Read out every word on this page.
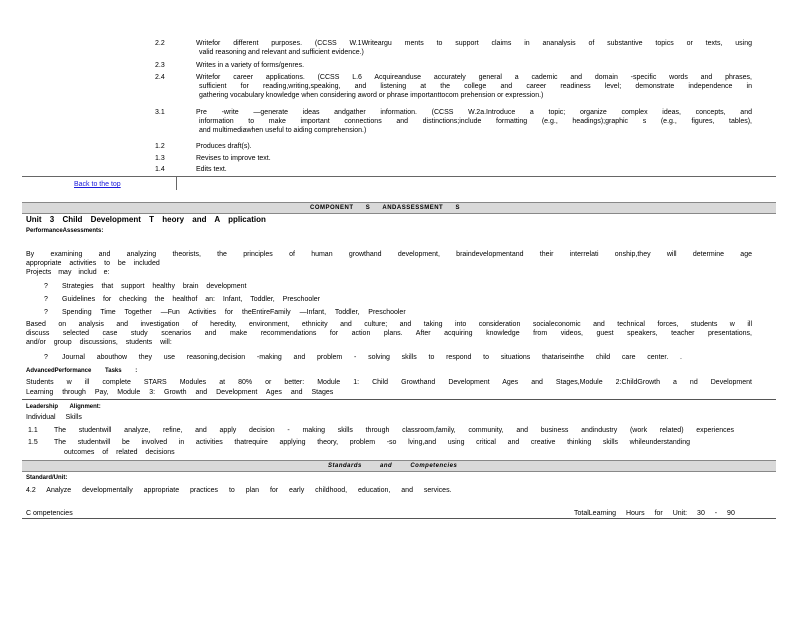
2.2	Writefor different purposes. (CCSS W.1Writeargu ments to support claims in ananalysis of substantive topics or texts, using
valid reasoning and relevant and sufficient evidence.)
2.3	Writes in a variety of forms/genres.
2.4	Writefor career applications. (CCSS L.6 Acquireanduse accurately general a cademic and domain -specific words and phrases,
sufficient for reading,writing,speaking, and listening at the college and career readiness level; demonstrate independence in
gathering vocabulary knowledge when considering aword or phrase importanttocom prehension or expression.)
3.1	Pre -write —generate ideas andgather information. (CCSS W.2a.Introduce a topic; organize complex ideas, concepts, and
information to make important connections and distinctions;include formatting (e.g., headings);graphic s (e.g., figures, tables),
and multimediawhen useful to aiding comprehension.)
1.2	Produces draft(s).
1.3	Revises to improve text.
1.4	Edits text.
Back to the top
COMPONENT S ANDASSESSMENT S
Unit 3 Child Development T heory and A pplication
PerformanceAssessments:
By examining and analyzing theorists, the principles of human growthand development, braindevelopmentand their interrelati onship,they will determine age
appropriate activities to be included
Projects may includ e:
? Strategies that support healthy brain development
? Guidelines for checking the healthof an: Infant, Toddler, Preschooler
? Spending Time Together —Fun Activities for theEntireFamily —Infant, Toddler, Preschooler
Based on analysis and investigation of heredity, environment, ethnicity and culture; and taking into consideration socialeconomic and technical forces, students w ill
discuss selected case study scenarios and make recommendations for action plans. After acquiring knowledge from videos, guest speakers, teacher presentations,
and/or group discussions, students will:
? Journal abouthow they use reasoning,decision -making and problem - solving skills to respond to situations thatariseinthe child care center. .
AdvancedPerformance Tasks :
Students w ill complete STARS Modules at 80% or better: Module 1: Child Growthand Development Ages and Stages,Module 2:ChildGrowth a nd Development
Learning through Pay, Module 3: Growth and Development Ages and Stages
Leadership Alignment:
Individual Skills
1.1 The studentwill analyze, refine, and apply decision - making skills through classroom,family, community, and business andindustry (work related) experiences
1.5 The studentwill be involved in activities thatrequire applying theory, problem -so lving,and using critical and creative thinking skills whileunderstanding
outcomes of related decisions
Standards and Competencies
Standard/Unit:
4.2 Analyze developmentally appropriate practices to plan for early childhood, education, and services.
C ompetencies	TotalLearning Hours for Unit: 30 - 90
